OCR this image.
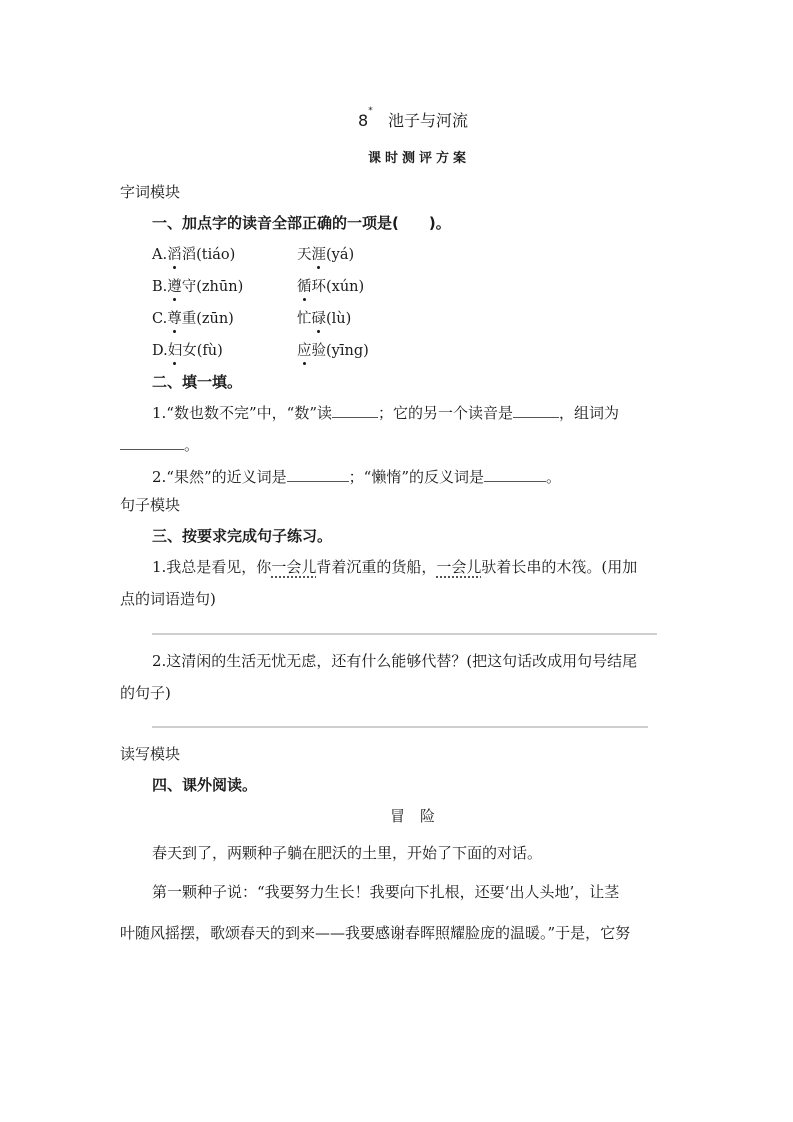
8* 池子与河流
课时测评方案
字词模块
一、加点字的读音全部正确的一项是(　　)。
A.滔滔(tiáo)	天涯(yá)
B.遵守(zhūn)	循环(xún)
C.尊重(zūn)	忙碌(lù)
D.妇女(fù)	应验(yīng)
二、填一填。
1.“数也数不完”中，“数”读	；它的另一个读音是	，组词为
。
2.“果然”的近义词是	；“懒惰”的反义词是	。
句子模块
三、按要求完成句子练习。
1.我总是看见，你一会儿背着沉重的货船，一会儿驮着长串的木筏。(用加
点的词语造句)
2.这清闲的生活无忧无虑，还有什么能够代替？(把这句话改成用句号结尾
的句子)
读写模块
四、课外阅读。
冒　险
春天到了，两颗种子躺在肥沃的土里，开始了下面的对话。
第一颗种子说：“我要努力生长！我要向下扎根，还要‘出人头地’，让茎
叶随风摇摆，歌颂春天的到来——我要感谢春晖照耀脸庞的温暖。”于是，它努
